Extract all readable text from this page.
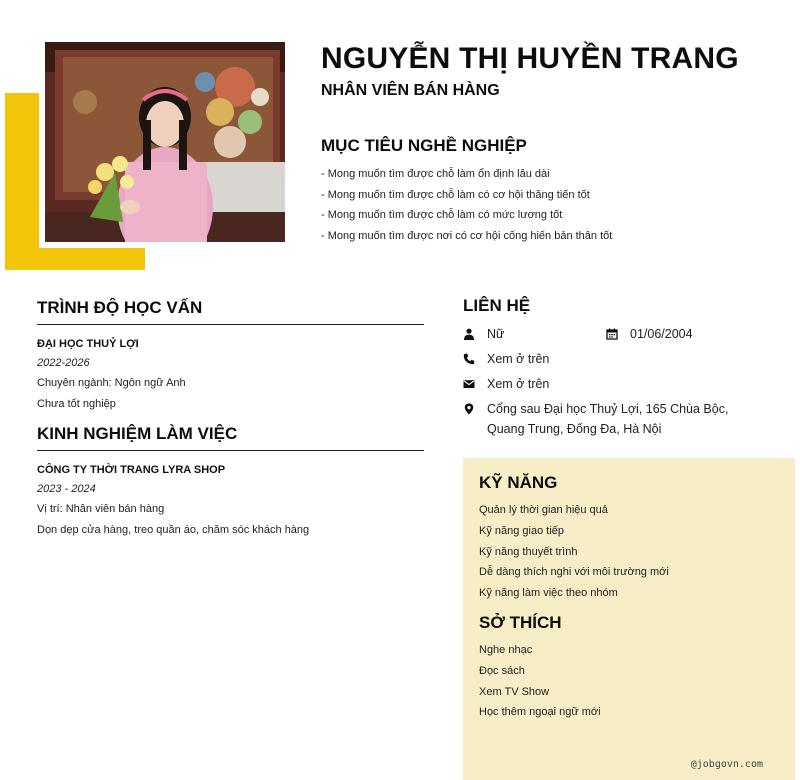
NGUYỄN THỊ HUYỀN TRANG
NHÂN VIÊN BÁN HÀNG
MỤC TIÊU NGHỀ NGHIỆP
- Mong muốn tìm được chỗ làm ổn định lâu dài
- Mong muốn tìm được chỗ làm có cơ hội thăng tiến tốt
- Mong muốn tìm được chỗ làm có mức lương tốt
- Mong muốn tìm được nơi có cơ hội cống hiến bản thân tốt
TRÌNH ĐỘ HỌC VẤN
ĐẠI HỌC THUỶ LỢI
2022-2026
Chuyên ngành: Ngôn ngữ Anh
Chưa tốt nghiệp
KINH NGHIỆM LÀM VIỆC
CÔNG TY THỜI TRANG LYRA SHOP
2023 - 2024
Vị trí: Nhân viên bán hàng
Dọn dẹp cửa hàng, treo quần áo, chăm sóc khách hàng
LIÊN HỆ
Nữ	01/06/2004
Xem ở trên
Xem ở trên
Cổng sau Đại học Thuỷ Lợi, 165 Chùa Bộc, Quang Trung, Đống Đa, Hà Nội
KỸ NĂNG
Quản lý thời gian hiệu quả
Kỹ năng giao tiếp
Kỹ năng thuyết trình
Dễ dàng thích nghi với môi trường mới
Kỹ năng làm việc theo nhóm
SỞ THÍCH
Nghe nhạc
Đọc sách
Xem TV Show
Học thêm ngoại ngữ mới
@jobgovn.com
